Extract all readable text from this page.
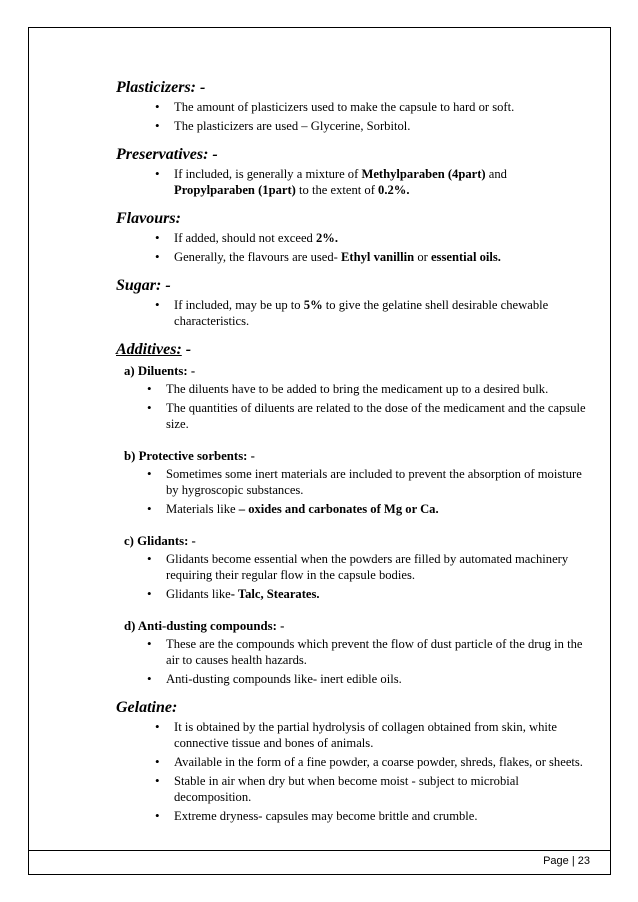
Plasticizers: -
• The amount of plasticizers used to make the capsule to hard or soft.
• The plasticizers are used – Glycerine, Sorbitol.
Preservatives: -
• If included, is generally a mixture of Methylparaben (4part) and Propylparaben (1part) to the extent of 0.2%.
Flavours:
• If added, should not exceed 2%.
• Generally, the flavours are used- Ethyl vanillin or essential oils.
Sugar: -
• If included, may be up to 5% to give the gelatine shell desirable chewable characteristics.
Additives: -
a) Diluents: -
• The diluents have to be added to bring the medicament up to a desired bulk.
• The quantities of diluents are related to the dose of the medicament and the capsule size.
b) Protective sorbents: -
• Sometimes some inert materials are included to prevent the absorption of moisture by hygroscopic substances.
• Materials like – oxides and carbonates of Mg or Ca.
c) Glidants: -
• Glidants become essential when the powders are filled by automated machinery requiring their regular flow in the capsule bodies.
• Glidants like- Talc, Stearates.
d) Anti-dusting compounds: -
• These are the compounds which prevent the flow of dust particle of the drug in the air to causes health hazards.
• Anti-dusting compounds like- inert edible oils.
Gelatine:
• It is obtained by the partial hydrolysis of collagen obtained from skin, white connective tissue and bones of animals.
• Available in the form of a fine powder, a coarse powder, shreds, flakes, or sheets.
• Stable in air when dry but when become moist - subject to microbial decomposition.
• Extreme dryness- capsules may become brittle and crumble.
Page | 23
